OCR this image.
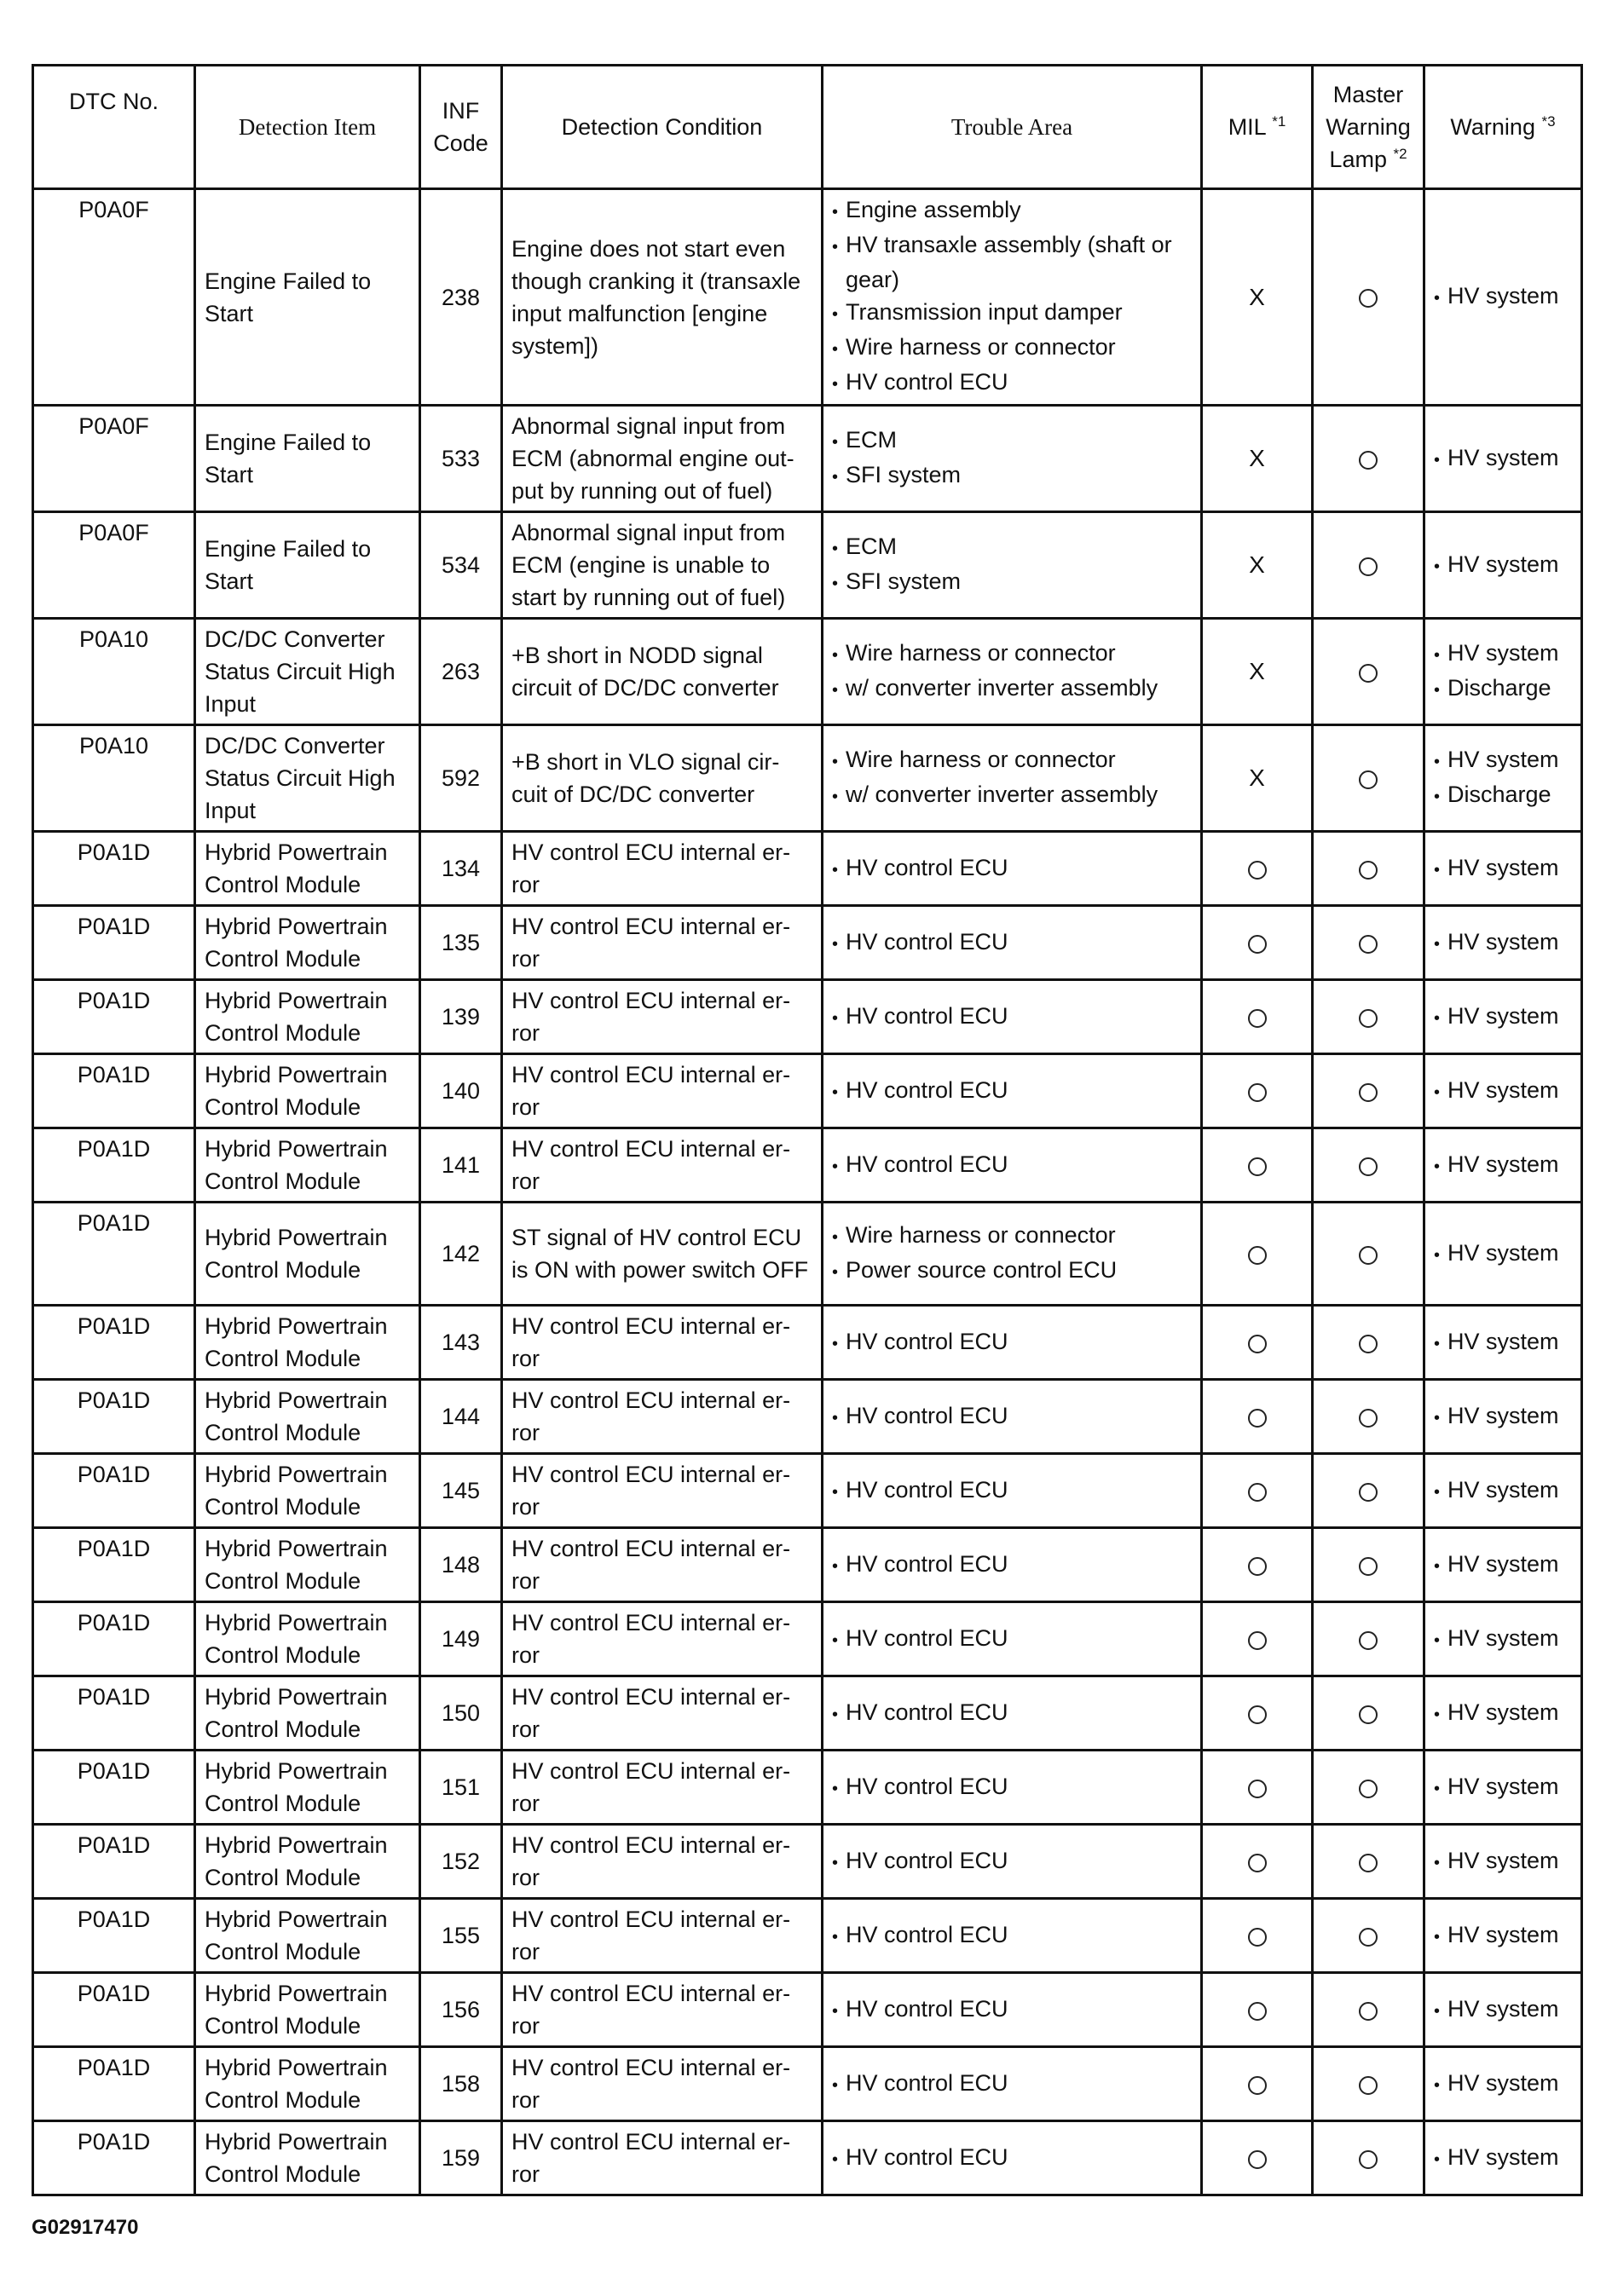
DTC No.	Detection Item	INF Code	Detection Condition	Trouble Area	MIL $^{*1}$	Master Warning Lamp $^{*2}$	Warning $^{*3}$
P0A0F	Engine Failed to Start	238	Engine does not start even though cranking it (transaxle input malfunction [engine system])	• Engine assembly
• HV transaxle assembly (shaft or gear)
• Transmission input damper
• Wire harness or connector
• HV control ECU	X		• HV system

P0A0F	Engine Failed to Start	533	Abnormal signal input from ECM (abnormal engine out-put by running out of fuel)	• ECM
• SFI system	X		• HV system

P0A0F	Engine Failed to Start	534	Abnormal signal input from ECM (engine is unable to start by running out of fuel)	• ECM
• SFI system	X		• HV system

P0A10	DC/DC Converter Status Circuit High Input	263	+B short in NODD signal circuit of DC/DC converter	• Wire harness or connector
• w/ converter inverter assembly	X		• HV system
• Discharge

P0A10	DC/DC Converter Status Circuit High Input	592	+B short in VLO signal cir-cuit of DC/DC converter	• Wire harness or connector
• w/ converter inverter assembly	X		• HV system
• Discharge

P0A1D	Hybrid Powertrain Control Module	134	HV control ECU internal er-ror	• HV control ECU			• HV system

P0A1D	Hybrid Powertrain Control Module	135	HV control ECU internal er-ror	• HV control ECU			• HV system

P0A1D	Hybrid Powertrain Control Module	139	HV control ECU internal er-ror	• HV control ECU			• HV system

P0A1D	Hybrid Powertrain Control Module	140	HV control ECU internal er-ror	• HV control ECU			• HV system

P0A1D	Hybrid Powertrain Control Module	141	HV control ECU internal er-ror	• HV control ECU			• HV system

P0A1D	Hybrid Powertrain Control Module	142	ST signal of HV control ECU is ON with power switch OFF	• Wire harness or connector
• Power source control ECU			• HV system

P0A1D	Hybrid Powertrain Control Module	143	HV control ECU internal er-ror	• HV control ECU			• HV system

P0A1D	Hybrid Powertrain Control Module	144	HV control ECU internal er-ror	• HV control ECU			• HV system

P0A1D	Hybrid Powertrain Control Module	145	HV control ECU internal er-ror	• HV control ECU			• HV system

P0A1D	Hybrid Powertrain Control Module	148	HV control ECU internal er-ror	• HV control ECU			• HV system

P0A1D	Hybrid Powertrain Control Module	149	HV control ECU internal er-ror	• HV control ECU			• HV system

P0A1D	Hybrid Powertrain Control Module	150	HV control ECU internal er-ror	• HV control ECU			• HV system

P0A1D	Hybrid Powertrain Control Module	151	HV control ECU internal er-ror	• HV control ECU			• HV system

P0A1D	Hybrid Powertrain Control Module	152	HV control ECU internal er-ror	• HV control ECU			• HV system

P0A1D	Hybrid Powertrain Control Module	155	HV control ECU internal er-ror	• HV control ECU			• HV system

P0A1D	Hybrid Powertrain Control Module	156	HV control ECU internal er-ror	• HV control ECU			• HV system

P0A1D	Hybrid Powertrain Control Module	158	HV control ECU internal er-ror	• HV control ECU			• HV system

P0A1D	Hybrid Powertrain Control Module	159	HV control ECU internal er-ror	• HV control ECU			• HV system
G02917470
